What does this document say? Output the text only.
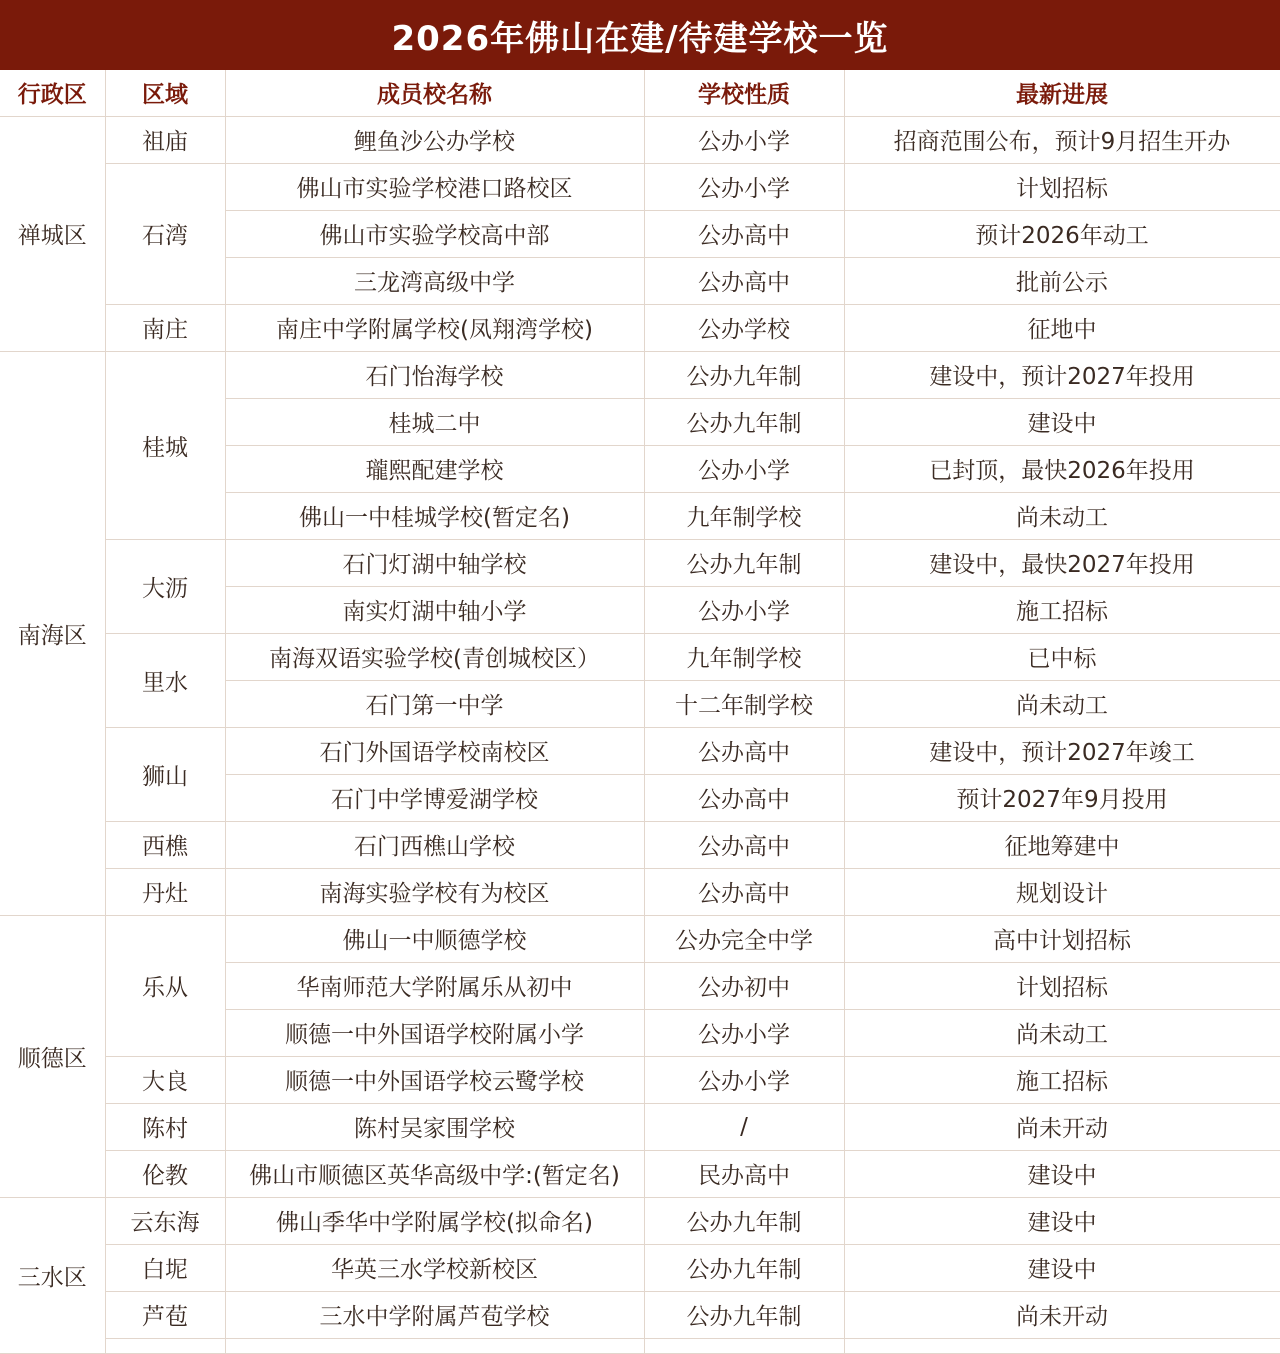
2026年佛山在建/待建学校一览
行政区	区域	成员校名称	学校性质	最新进展
禅城区	祖庙	鲤鱼沙公办学校	公办小学	招商范围公布，预计9月招生开办
	石湾	佛山市实验学校港口路校区	公办小学	计划招标
		佛山市实验学校高中部	公办高中	预计2026年动工
		三龙湾高级中学	公办高中	批前公示
	南庄	南庄中学附属学校(凤翔湾学校)	公办学校	征地中
南海区	桂城	石门怡海学校	公办九年制	建设中，预计2027年投用
		桂城二中	公办九年制	建设中
		瓏熙配建学校	公办小学	已封顶，最快2026年投用
		佛山一中桂城学校(暂定名)	九年制学校	尚未动工
	大沥	石门灯湖中轴学校	公办九年制	建设中，最快2027年投用
		南实灯湖中轴小学	公办小学	施工招标
	里水	南海双语实验学校(青创城校区）	九年制学校	已中标
		石门第一中学	十二年制学校	尚未动工
	狮山	石门外国语学校南校区	公办高中	建设中，预计2027年竣工
		石门中学博爱湖学校	公办高中	预计2027年9月投用
	西樵	石门西樵山学校	公办高中	征地筹建中
	丹灶	南海实验学校有为校区	公办高中	规划设计
顺德区	乐从	佛山一中顺德学校	公办完全中学	高中计划招标
		华南师范大学附属乐从初中	公办初中	计划招标
		顺德一中外国语学校附属小学	公办小学	尚未动工
	大良	顺德一中外国语学校云鹭学校	公办小学	施工招标
	陈村	陈村吴家围学校	/	尚未开动
	伦教	佛山市顺德区英华高级中学:(暂定名)	民办高中	建设中
三水区	云东海	佛山季华中学附属学校(拟命名)	公办九年制	建设中
	白坭	华英三水学校新校区	公办九年制	建设中
	芦苞	三水中学附属芦苞学校	公办九年制	尚未开动
